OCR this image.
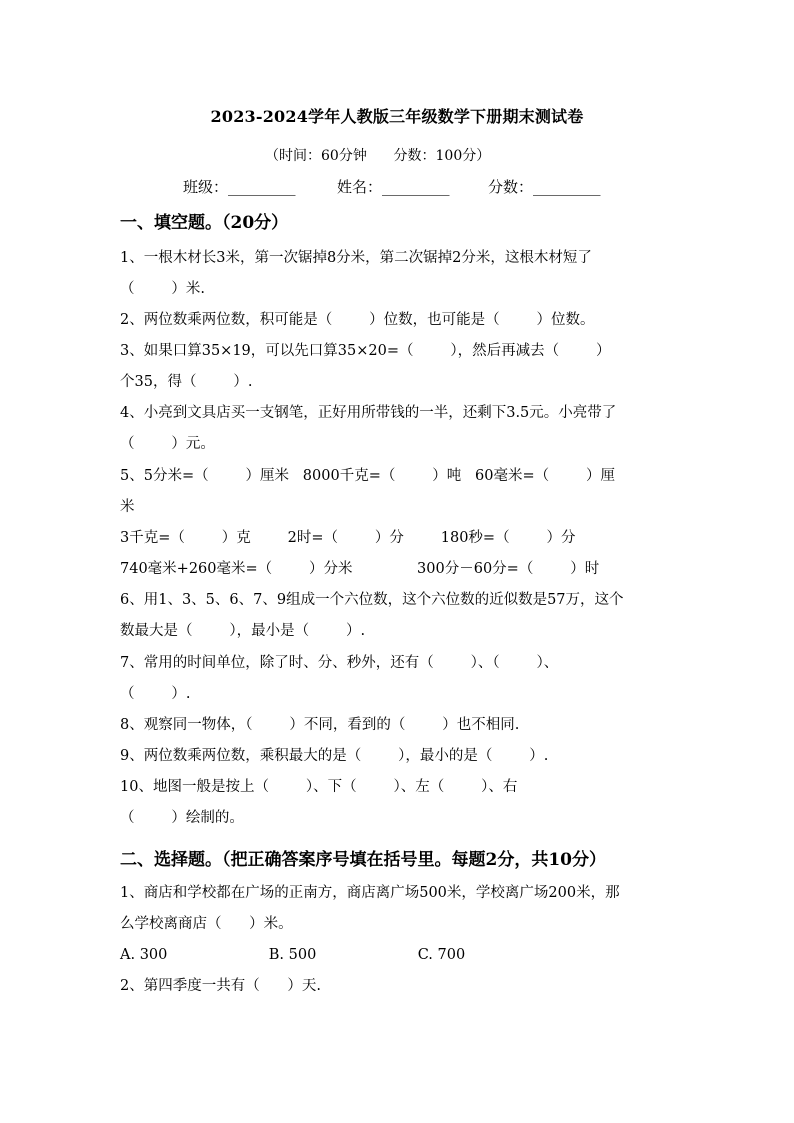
2023-2024学年人教版三年级数学下册期末测试卷
（时间：60分钟      分数：100分）
班级：_________	姓名：_________	分数：_________
一、填空题。（20分）
1、一根木材长3米，第一次锯掉8分米，第二次锯掉2分米，这根木材短了
（        ）米.
2、两位数乘两位数，积可能是（        ）位数，也可能是（        ）位数。
3、如果口算35×19，可以先口算35×20=（        ），然后再减去（        ）
个35，得（        ）.
4、小亮到文具店买一支钢笔，正好用所带钱的一半，还剩下3.5元。小亮带了
（        ）元。
5、5分米=（        ）厘米   8000千克=（        ）吨   60毫米=（        ）厘
米
3千克=（        ）克        2时=（        ）分        180秒=（        ）分
740毫米+260毫米=（        ）分米              300分－60分=（        ）时
6、用1、3、5、6、7、9组成一个六位数，这个六位数的近似数是57万，这个
数最大是（        ），最小是（        ）.
7、常用的时间单位，除了时、分、秒外，还有（        ）、（        ）、
（        ）.
8、观察同一物体，（        ）不同，看到的（        ）也不相同.
9、两位数乘两位数，乘积最大的是（        ），最小的是（        ）.
10、地图一般是按上（        ）、下（        ）、左（        ）、右
（        ）绘制的。
二、选择题。（把正确答案序号填在括号里。每题2分，共10分）
1、商店和学校都在广场的正南方，商店离广场500米，学校离广场200米，那
么学校离商店（      ）米。
A. 300                      B. 500                      C. 700
2、第四季度一共有（      ）天.
